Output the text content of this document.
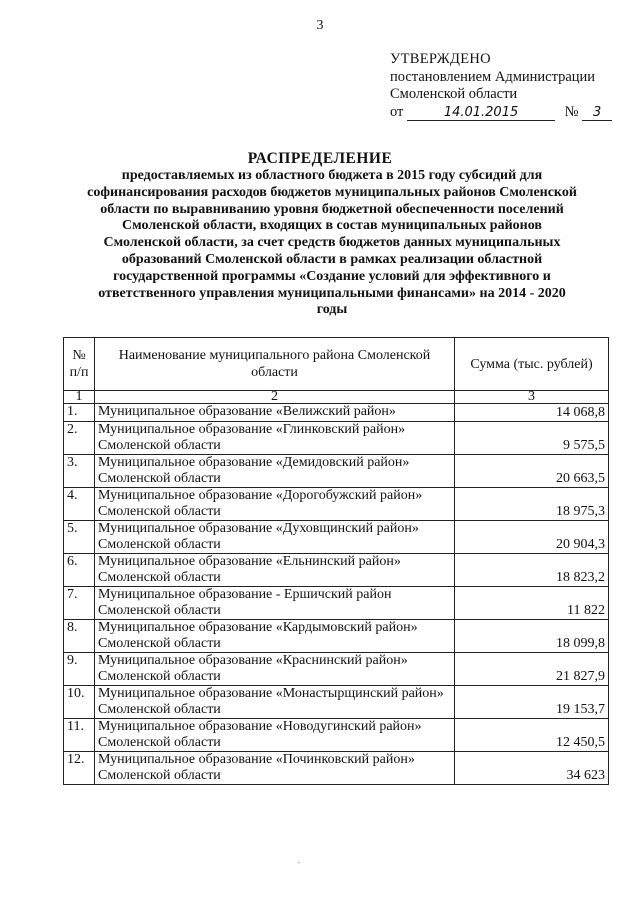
3
УТВЕРЖДЕНО
постановлением Администрации
Смоленской области
от	14.01.2015	№ 3
РАСПРЕДЕЛЕНИЕ
предоставляемых из областного бюджета в 2015 году субсидий для софинансирования расходов бюджетов муниципальных районов Смоленской области по выравниванию уровня бюджетной обеспеченности поселений Смоленской области, входящих в состав муниципальных районов Смоленской области, за счет средств бюджетов данных муниципальных образований Смоленской области в рамках реализации областной государственной программы «Создание условий для эффективного и ответственного управления муниципальными финансами» на 2014 - 2020 годы
№ п/п	Наименование муниципального района Смоленской области	Сумма (тыс. рублей)
1	2	3
1.	Муниципальное образование «Велижский район»	14 068,8
2.	Муниципальное образование «Глинковский район» Смоленской области	9 575,5
3.	Муниципальное образование «Демидовский район» Смоленской области	20 663,5
4.	Муниципальное образование «Дорогобужский район» Смоленской области	18 975,3
5.	Муниципальное образование «Духовщинский район» Смоленской области	20 904,3
6.	Муниципальное образование «Ельнинский район» Смоленской области	18 823,2
7.	Муниципальное образование - Ершичский район Смоленской области	11 822
8.	Муниципальное образование «Кардымовский район» Смоленской области	18 099,8
9.	Муниципальное образование «Краснинский район» Смоленской области	21 827,9
10.	Муниципальное образование «Монастырщинский район» Смоленской области	19 153,7
11.	Муниципальное образование «Новодугинский район» Смоленской области	12 450,5
12.	Муниципальное образование «Починковский район» Смоленской области	34 623
·
